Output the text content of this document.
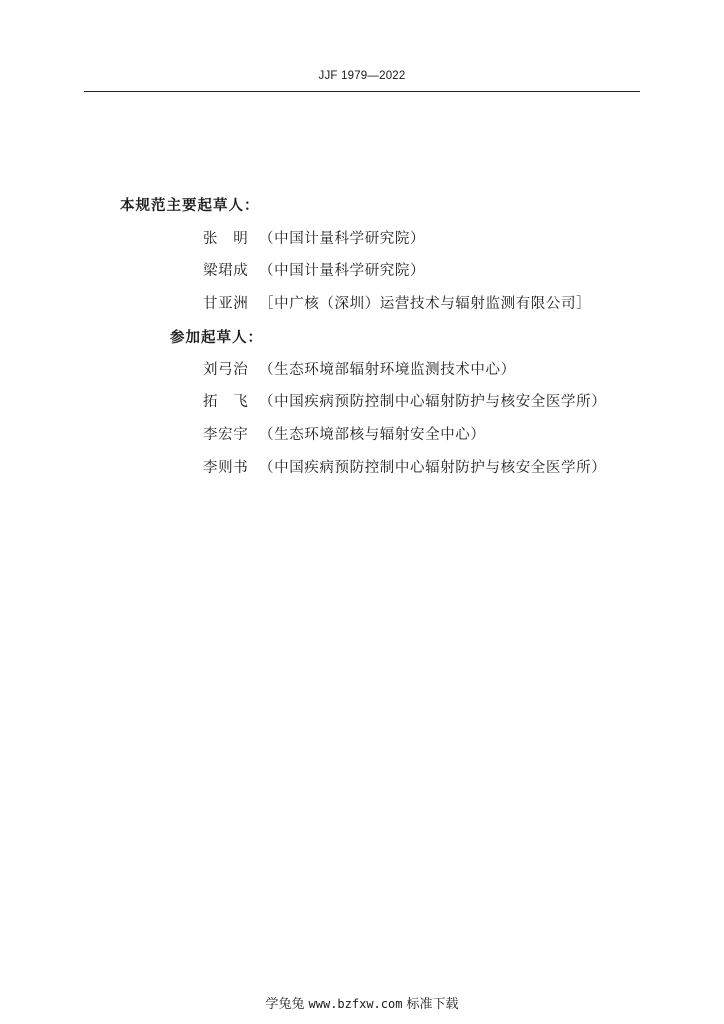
JJF 1979—2022
本规范主要起草人：
张　明 （中国计量科学研究院）
梁珺成 （中国计量科学研究院）
甘亚洲 ［中广核（深圳）运营技术与辐射监测有限公司］
参加起草人：
刘弓治 （生态环境部辐射环境监测技术中心）
拓　飞 （中国疾病预防控制中心辐射防护与核安全医学所）
李宏宇 （生态环境部核与辐射安全中心）
李则书 （中国疾病预防控制中心辐射防护与核安全医学所）
学兔兔 www.bzfxw.com 标准下载
